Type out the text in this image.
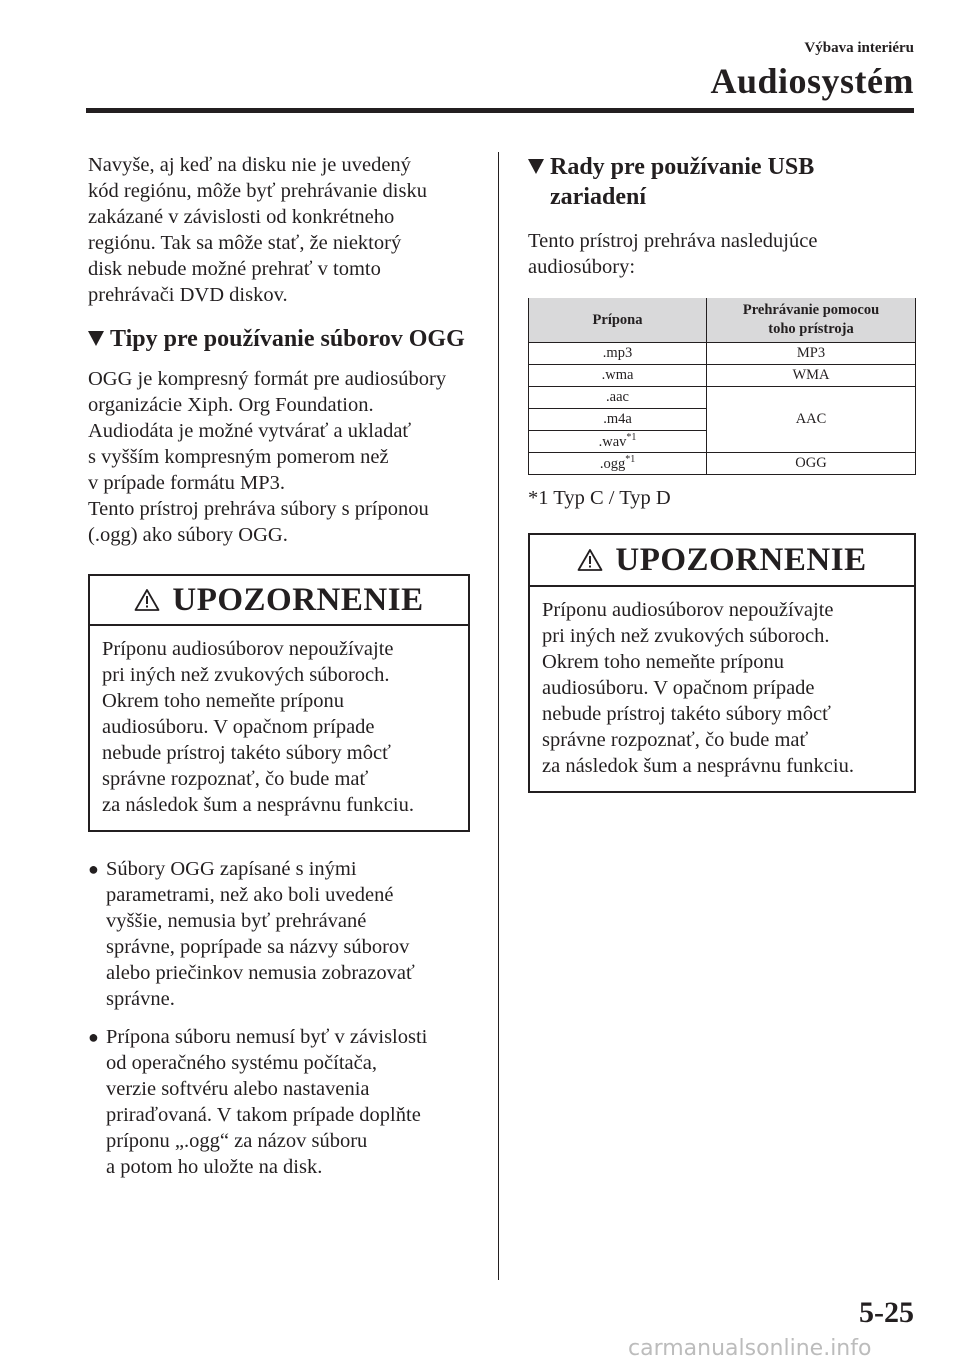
Výbava interiéru
Audiosystém

Navyše, aj keď na disku nie je uvedený
kód regiónu, môže byť prehrávanie disku
zakázané v závislosti od konkrétneho
regiónu. Tak sa môže stať, že niektorý
disk nebude možné prehrať v tomto
prehrávači DVD diskov.

Tipy pre používanie súborov OGG

OGG je kompresný formát pre audiosúbory
organizácie Xiph. Org Foundation.
Audiodáta je možné vytvárať a ukladať
s vyšším kompresným pomerom než
v prípade formátu MP3.
Tento prístroj prehráva súbory s príponou
(.ogg) ako súbory OGG.

UPOZORNENIE
Príponu audiosúborov nepoužívajte
pri iných než zvukových súboroch.
Okrem toho nemeňte príponu
audiosúboru. V opačnom prípade
nebude prístroj takéto súbory môcť
správne rozpoznať, čo bude mať
za následok šum a nesprávnu funkciu.
● Súbory OGG zapísané s inými
parametrami, než ako boli uvedené
vyššie, nemusia byť prehrávané
správne, poprípade sa názvy súborov
alebo priečinkov nemusia zobrazovať
správne.
● Prípona súboru nemusí byť v závislosti
od operačného systému počítača,
verzie softvéru alebo nastavenia
priraďovaná. V takom prípade doplňte
príponu „.ogg“ za názov súboru
a potom ho uložte na disk.
Rady pre používanie USB
zariadení

Tento prístroj prehráva nasledujúce
audiosúbory:

Prípona	Prehrávanie pomocou
toho prístroja
.mp3	MP3
.wma	WMA
.aac	AAC
.m4a	
.wav$^{*1}$
.ogg$^{*1}$	OGG

*1 Typ C / Typ D

UPOZORNENIE
Príponu audiosúborov nepoužívajte
pri iných než zvukových súboroch.
Okrem toho nemeňte príponu
audiosúboru. V opačnom prípade
nebude prístroj takéto súbory môcť
správne rozpoznať, čo bude mať
za následok šum a nesprávnu funkciu.
5-25
carmanualsonline.info
